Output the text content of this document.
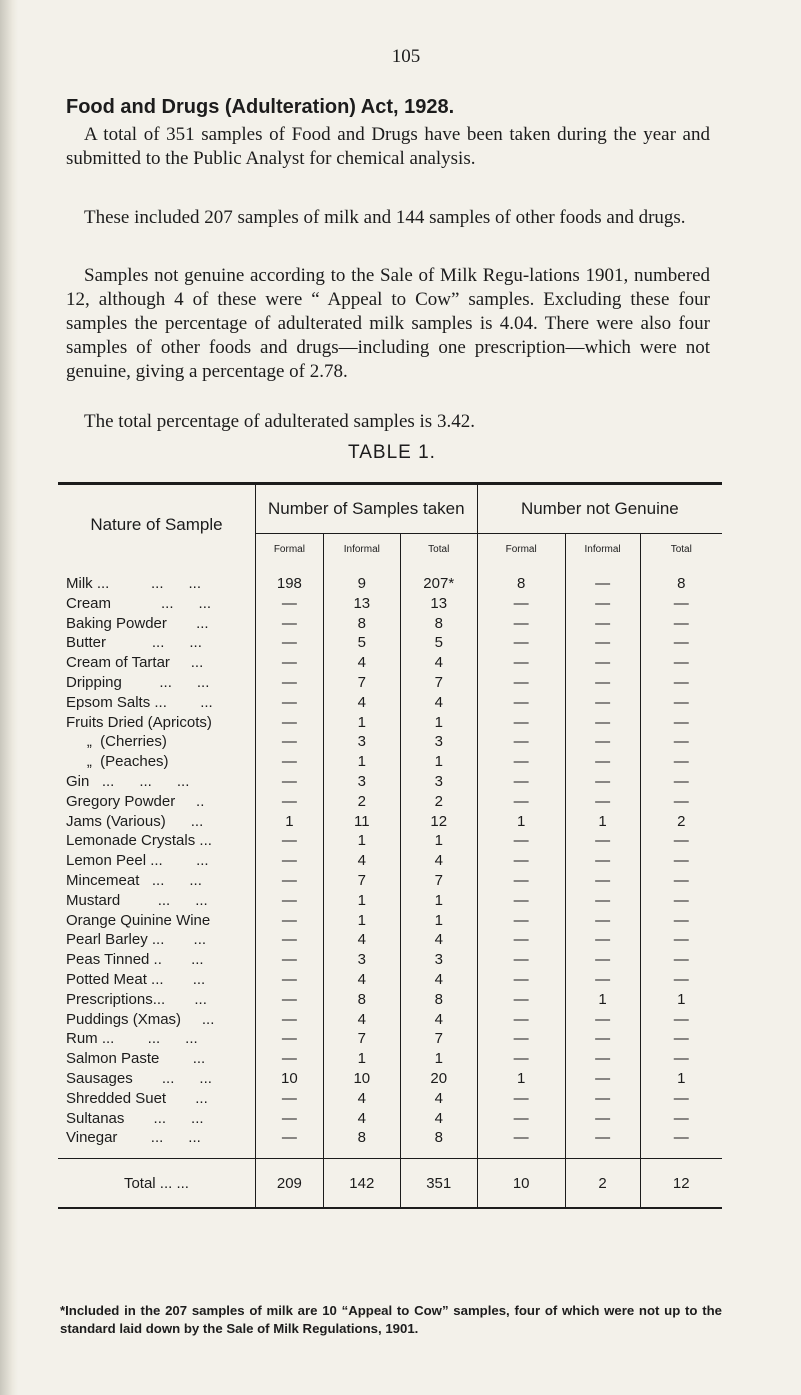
105
Food and Drugs (Adulteration) Act, 1928.

A total of 351 samples of Food and Drugs have been taken during the year and submitted to the Public Analyst for chemical analysis.

These included 207 samples of milk and 144 samples of other foods and drugs.

Samples not genuine according to the Sale of Milk Regu-lations 1901, numbered 12, although 4 of these were “ Appeal to Cow” samples. Excluding these four samples the percentage of adulterated milk samples is 4.04. There were also four samples of other foods and drugs—including one prescription—which were not genuine, giving a percentage of 2.78.

The total percentage of adulterated samples is 3.42.

TABLE 1.
Nature of Sample	Number of Samples taken			Number not Genuine		
	Formal	Informal	Total	Formal	Informal	Total

Milk ...          ...      ...	198	9	207*	8	—	8
Cream            ...      ...	—	13	13	—	—	—
Baking Powder       ...	—	8	8	—	—	—
Butter           ...      ...	—	5	5	—	—	—
Cream of Tartar     ...	—	4	4	—	—	—
Dripping         ...      ...	—	7	7	—	—	—
Epsom Salts ...        ...	—	4	4	—	—	—
Fruits Dried (Apricots)	—	1	1	—	—	—
„  (Cherries)	—	3	3	—	—	—
„  (Peaches)	—	1	1	—	—	—
Gin   ...      ...      ...	—	3	3	—	—	—
Gregory Powder     ..	—	2	2	—	—	—
Jams (Various)      ...	1	11	12	1	1	2
Lemonade Crystals ...	—	1	1	—	—	—
Lemon Peel ...        ...	—	4	4	—	—	—
Mincemeat   ...      ...	—	7	7	—	—	—
Mustard         ...      ...	—	1	1	—	—	—
Orange Quinine Wine	—	1	1	—	—	—
Pearl Barley ...       ...	—	4	4	—	—	—
Peas Tinned ..       ...	—	3	3	—	—	—
Potted Meat ...       ...	—	4	4	—	—	—
Prescriptions...       ...	—	8	8	—	1	1
Puddings (Xmas)     ...	—	4	4	—	—	—
Rum ...        ...      ...	—	7	7	—	—	—
Salmon Paste        ...	—	1	1	—	—	—
Sausages       ...      ...	10	10	20	1	—	1
Shredded Suet       ...	—	4	4	—	—	—
Sultanas       ...      ...	—	4	4	—	—	—
Vinegar        ...      ...	—	8	8	—	—	—

Total ... ...	209	142	351	10	2	12
*Included in the 207 samples of milk are 10 “Appeal to Cow” samples, four of which were not up to the standard laid down by the Sale of Milk Regulations, 1901.
